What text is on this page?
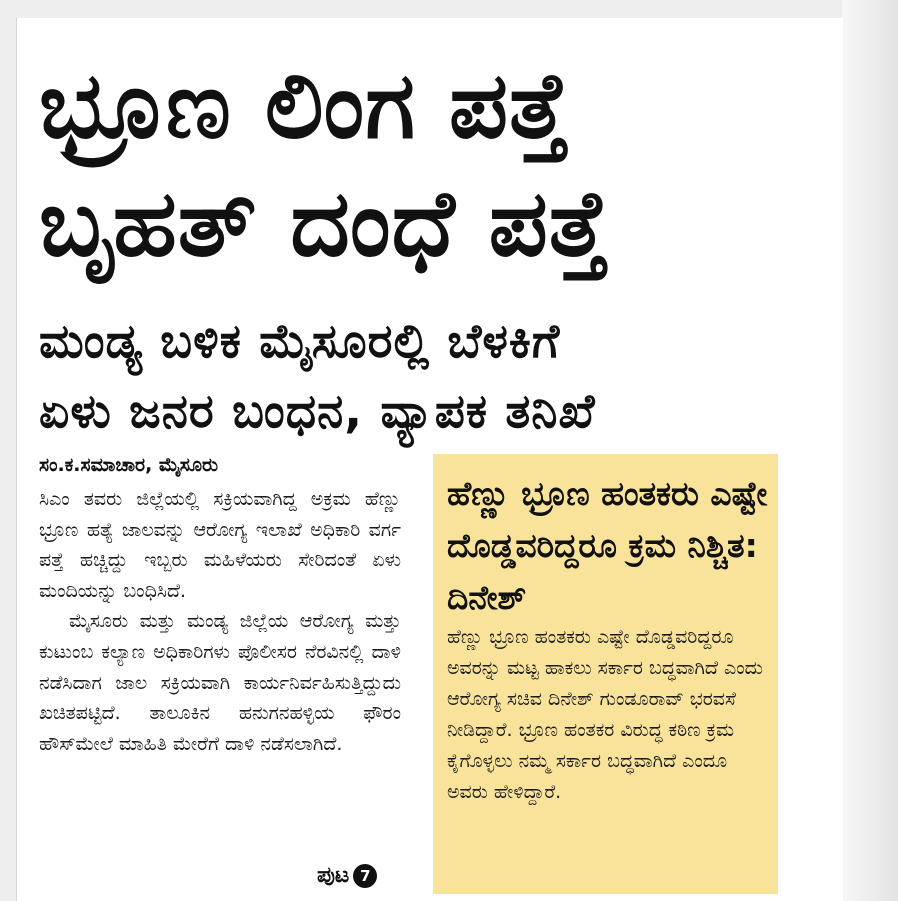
ಭ್ರೂಣ ಲಿಂಗ ಪತ್ತೆ
ಬೃಹತ್ ದಂಧೆ ಪತ್ತೆ
ಮಂಡ್ಯ ಬಳಿಕ ಮೈಸೂರಲ್ಲಿ ಬೆಳಕಿಗೆ
ಏಳು ಜನರ ಬಂಧನ, ವ್ಯಾಪಕ ತನಿಖೆ
ಸಂ.ಕ.ಸಮಾಚಾರ, ಮೈಸೂರು

ಸಿಎಂ ತವರು ಜಿಲ್ಲೆಯಲ್ಲಿ ಸಕ್ರಿಯವಾಗಿದ್ದ ಅಕ್ರಮ ಹೆಣ್ಣು ಭ್ರೂಣ ಹತ್ಯೆ ಜಾಲವನ್ನು ಆರೋಗ್ಯ ಇಲಾಖೆ ಅಧಿಕಾರಿ ವರ್ಗ ಪತ್ತೆ ಹಚ್ಚಿದ್ದು ಇಬ್ಬರು ಮಹಿಳೆಯರು ಸೇರಿದಂತೆ ಏಳು ಮಂದಿಯನ್ನು ಬಂಧಿಸಿದೆ.

ಮೈಸೂರು ಮತ್ತು ಮಂಡ್ಯ ಜಿಲ್ಲೆಯ ಆರೋಗ್ಯ ಮತ್ತು ಕುಟುಂಬ ಕಲ್ಯಾಣ ಅಧಿಕಾರಿಗಳು ಪೊಲೀಸರ ನೆರವಿನಲ್ಲಿ ದಾಳಿ ನಡೆಸಿದಾಗ ಜಾಲ ಸಕ್ರಿಯವಾಗಿ ಕಾರ್ಯನಿರ್ವಹಿಸುತ್ತಿದ್ದುದು ಖಚಿತಪಟ್ಟಿದೆ. ತಾಲೂಕಿನ ಹನುಗನಹಳ್ಳಿಯ ಫೌರಂ ಹೌಸ್‌ಮೇಲೆ ಮಾಹಿತಿ ಮೇರೆಗೆ ದಾಳಿ ನಡೆಸಲಾಗಿದೆ.

ಪುಟ 7
ಹೆಣ್ಣು ಭ್ರೂಣ ಹಂತಕರು ಎಷ್ಟೇ ದೊಡ್ಡವರಿದ್ದರೂ ಕ್ರಮ ನಿಶ್ಚಿತ: ದಿನೇಶ್

ಹೆಣ್ಣು ಭ್ರೂಣ ಹಂತಕರು ಎಷ್ಟೇ ದೊಡ್ಡವರಿದ್ದರೂ ಅವರನ್ನು ಮಟ್ಟ ಹಾಕಲು ಸರ್ಕಾರ ಬದ್ಧವಾಗಿದೆ ಎಂದು ಆರೋಗ್ಯ ಸಚಿವ ದಿನೇಶ್ ಗುಂಡೂರಾವ್ ಭರವಸೆ ನೀಡಿದ್ದಾರೆ. ಭ್ರೂಣ ಹಂತಕರ ವಿರುದ್ಧ ಕಠಿಣ ಕ್ರಮ ಕೈಗೊಳ್ಳಲು ನಮ್ಮ ಸರ್ಕಾರ ಬದ್ಧವಾಗಿದೆ ಎಂದೂ ಅವರು ಹೇಳಿದ್ದಾರೆ.
